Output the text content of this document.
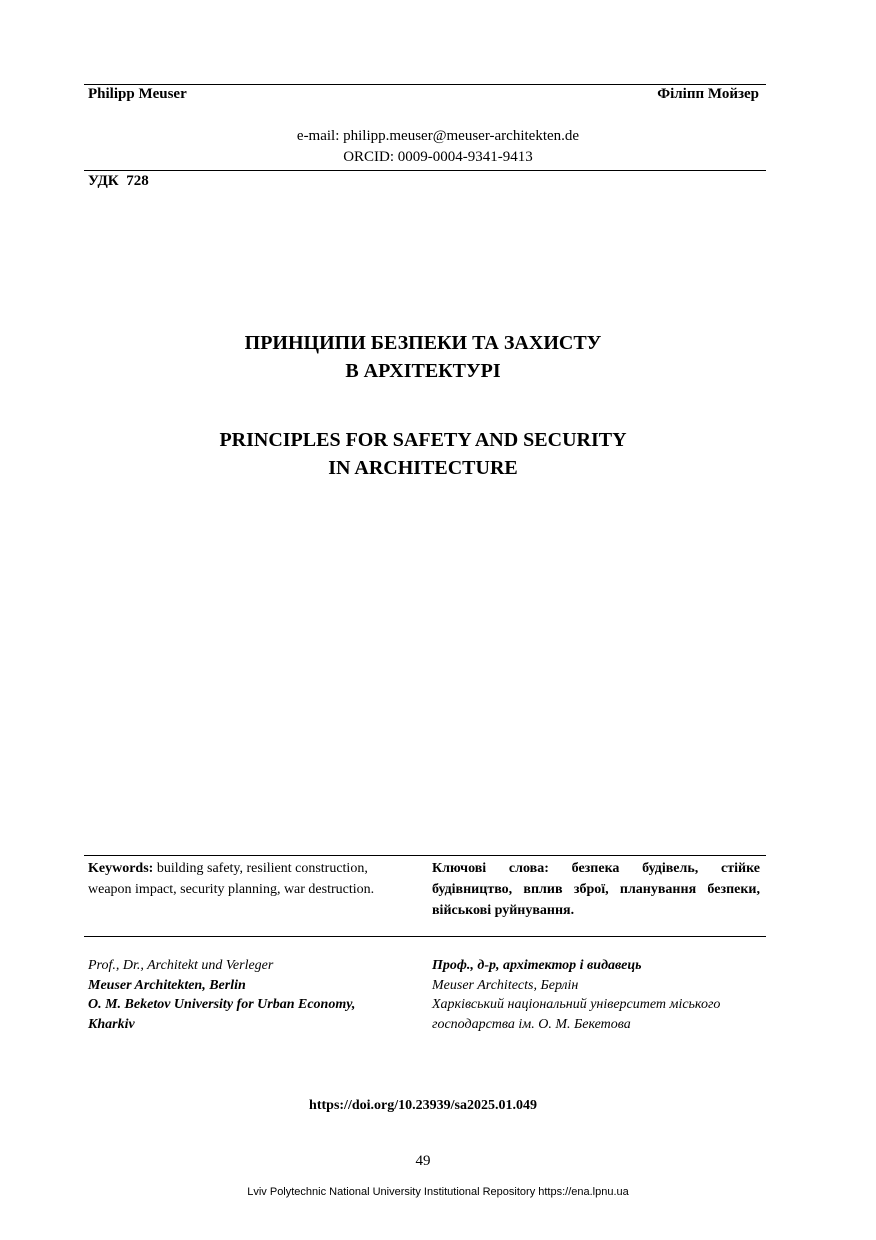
Philipp Meuser	Філіпп Мойзер
e-mail: philipp.meuser@meuser-architekten.de
ORCID: 0009-0004-9341-9413
УДК  728
ПРИНЦИПИ БЕЗПЕКИ ТА ЗАХИСТУ
В АРХІТЕКТУРІ
PRINCIPLES FOR SAFETY AND SECURITY
IN ARCHITECTURE
Keywords: building safety, resilient construction, weapon impact, security planning, war destruction.
Ключові слова: безпека будівель, стійке будівництво, вплив зброї, планування безпеки, військові руйнування.
Prof., Dr., Architekt und Verleger
Meuser Architekten, Berlin
O. M. Beketov University for Urban Economy,
Kharkiv
Проф., д-р, архітектор і видавець
Meuser Architects, Берлін
Харківський національний університет міського
господарства ім. О. М. Бекетова
https://doi.org/10.23939/sa2025.01.049
49
Lviv Polytechnic National University Institutional Repository https://ena.lpnu.ua
